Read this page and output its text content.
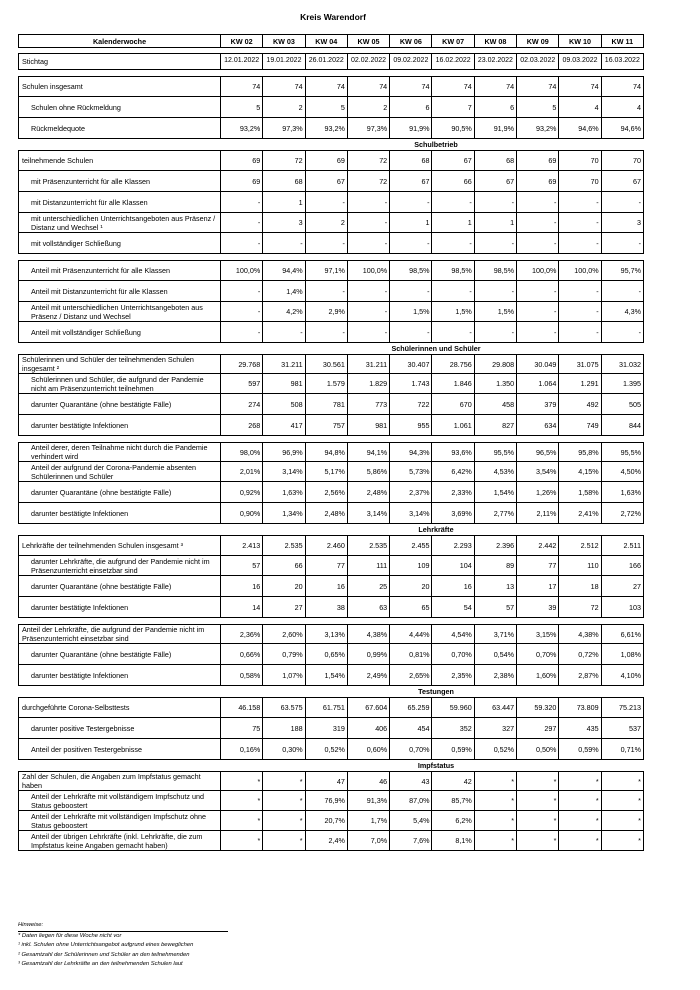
Kreis Warendorf
Kalenderwoche	KW 02	KW 03	KW 04	KW 05	KW 06	KW 07	KW 08	KW 09	KW 10	KW 11
Stichtag	12.01.2022	19.01.2022	26.01.2022	02.02.2022	09.02.2022	16.02.2022	23.02.2022	02.03.2022	09.03.2022	16.03.2022
Schulen insgesamt	74	74	74	74	74	74	74	74	74	74
Schulen ohne Rückmeldung	5	2	5	2	6	7	6	5	4	4
Rückmeldequote	93,2%	97,3%	93,2%	97,3%	91,9%	90,5%	91,9%	93,2%	94,6%	94,6%
Schulbetrieb
teilnehmende Schulen	69	72	69	72	68	67	68	69	70	70
mit Präsenzunterricht für alle Klassen	69	68	67	72	67	66	67	69	70	67
mit Distanzunterricht für alle Klassen	-	1	-	-	-	-	-	-	-	-
mit unterschiedlichen Unterrichtsangeboten aus Präsenz / Distanz und Wechsel ¹	-	3	2	-	1	1	1	-	-	3
mit vollständiger Schließung	-	-	-	-	-	-	-	-	-	-
Anteil mit Präsenzunterricht für alle Klassen	100,0%	94,4%	97,1%	100,0%	98,5%	98,5%	98,5%	100,0%	100,0%	95,7%
Anteil mit Distanzunterricht für alle Klassen	-	1,4%	-	-	-	-	-	-	-	-
Anteil mit unterschiedlichen Unterrichtsangeboten aus Präsenz / Distanz und Wechsel	-	4,2%	2,9%	-	1,5%	1,5%	1,5%	-	-	4,3%
Anteil mit vollständiger Schließung	-	-	-	-	-	-	-	-	-	-
Schülerinnen und Schüler
Schülerinnen und Schüler der teilnehmenden Schulen insgesamt ²	29.768	31.211	30.561	31.211	30.407	28.756	29.808	30.049	31.075	31.032
Schülerinnen und Schüler, die aufgrund der Pandemie nicht am Präsenzunterricht teilnehmen	597	981	1.579	1.829	1.743	1.846	1.350	1.064	1.291	1.395
darunter Quarantäne (ohne bestätigte Fälle)	274	508	781	773	722	670	458	379	492	505
darunter bestätigte Infektionen	268	417	757	981	955	1.061	827	634	749	844
Anteil derer, deren Teilnahme nicht durch die Pandemie verhindert wird	98,0%	96,9%	94,8%	94,1%	94,3%	93,6%	95,5%	96,5%	95,8%	95,5%
Anteil der aufgrund der Corona-Pandemie absenten Schülerinnen und Schüler	2,01%	3,14%	5,17%	5,86%	5,73%	6,42%	4,53%	3,54%	4,15%	4,50%
darunter Quarantäne (ohne bestätigte Fälle)	0,92%	1,63%	2,56%	2,48%	2,37%	2,33%	1,54%	1,26%	1,58%	1,63%
darunter bestätigte Infektionen	0,90%	1,34%	2,48%	3,14%	3,14%	3,69%	2,77%	2,11%	2,41%	2,72%
Lehrkräfte
Lehrkräfte der teilnehmenden Schulen insgesamt ³	2.413	2.535	2.460	2.535	2.455	2.293	2.396	2.442	2.512	2.511
darunter Lehrkräfte, die aufgrund der Pandemie nicht im Präsenzunterricht einsetzbar sind	57	66	77	111	109	104	89	77	110	166
darunter Quarantäne (ohne bestätigte Fälle)	16	20	16	25	20	16	13	17	18	27
darunter bestätigte Infektionen	14	27	38	63	65	54	57	39	72	103
Anteil der Lehrkräfte, die aufgrund der Pandemie nicht im Präsenzunterricht einsetzbar sind	2,36%	2,60%	3,13%	4,38%	4,44%	4,54%	3,71%	3,15%	4,38%	6,61%
darunter Quarantäne (ohne bestätigte Fälle)	0,66%	0,79%	0,65%	0,99%	0,81%	0,70%	0,54%	0,70%	0,72%	1,08%
darunter bestätigte Infektionen	0,58%	1,07%	1,54%	2,49%	2,65%	2,35%	2,38%	1,60%	2,87%	4,10%
Testungen
durchgeführte Corona-Selbsttests	46.158	63.575	61.751	67.604	65.259	59.960	63.447	59.320	73.809	75.213
darunter positive Testergebnisse	75	188	319	406	454	352	327	297	435	537
Anteil der positiven Testergebnisse	0,16%	0,30%	0,52%	0,60%	0,70%	0,59%	0,52%	0,50%	0,59%	0,71%
Impfstatus
Zahl der Schulen, die Angaben zum Impfstatus gemacht haben	*	*	47	46	43	42	*	*	*	*
Anteil der Lehrkräfte mit vollständigem Impfschutz und Status geboostert	*	*	76,9%	91,3%	87,0%	85,7%	*	*	*	*
Anteil der Lehrkräfte mit vollständigen Impfschutz ohne Status geboostert	*	*	20,7%	1,7%	5,4%	6,2%	*	*	*	*
Anteil der übrigen Lehrkräfte (inkl. Lehrkräfte, die zum Impfstatus keine Angaben gemacht haben)	*	*	2,4%	7,0%	7,6%	8,1%	*	*	*	*
Hinweise:
* Daten liegen für diese Woche nicht vor
¹ inkl. Schulen ohne Unterrichtsangebot aufgrund eines beweglichen
² Gesamtzahl der Schülerinnen und Schüler an den teilnehmenden
³ Gesamtzahl der Lehrkräfte an den teilnehmenden Schulen laut
